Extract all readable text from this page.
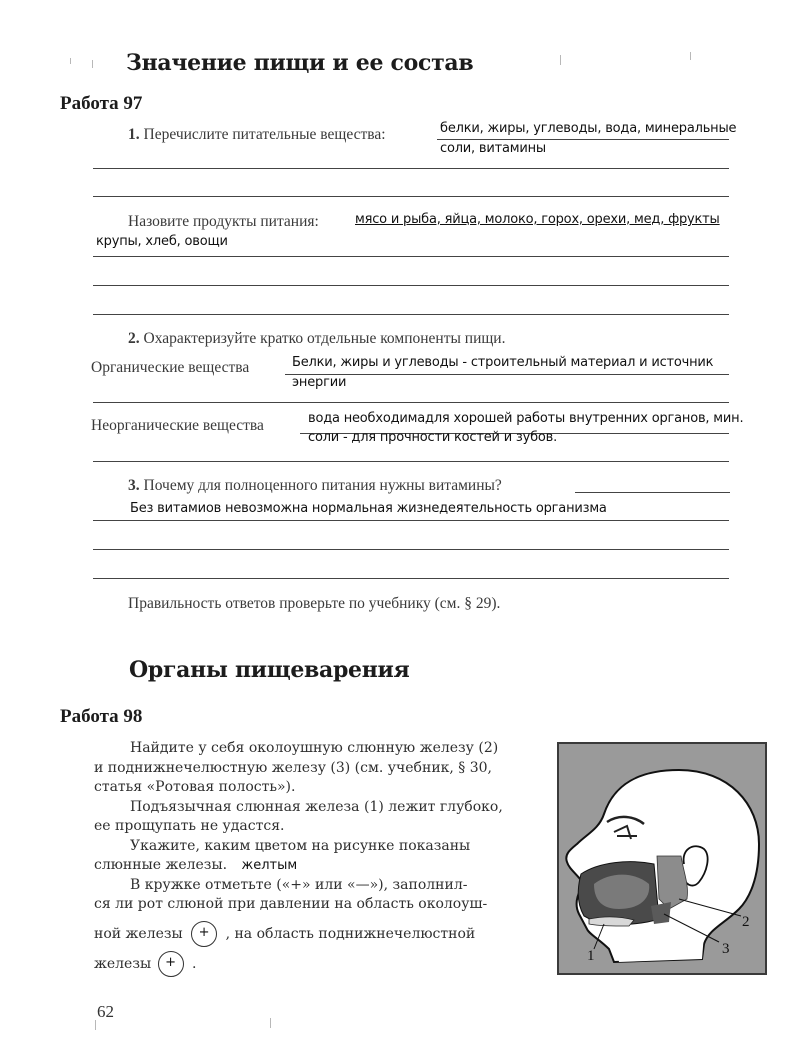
Значение пищи и ее состав
Работа 97
1. Перечислите питательные вещества:	белки, жиры, углеводы, вода, минеральные
соли, витамины
Назовите продукты питания:	мясо и рыба, яйца, молоко, горох, орехи, мед, фрукты
крупы, хлеб, овощи
2. Охарактеризуйте кратко отдельные компоненты пищи.
Органические вещества	Белки, жиры и углеводы - строительный материал и источник
энергии
Неорганические вещества	вода необходимадля хорошей работы внутренних органов, мин.
соли - для прочности костей и зубов.
3. Почему для полноценного питания нужны витамины?
Без витамиов невозможна нормальная жизнедеятельность организма
Правильность ответов проверьте по учебнику (см. § 29).
Органы пищеварения
Работа 98
Найдите у себя околоушную слюнную железу (2)
и поднижнечелюстную железу (3) (см. учебник, § 30,
статья «Ротовая полость»).
Подъязычная слюнная железа (1) лежит глубоко,
ее прощупать не удастся.
Укажите, каким цветом на рисунке показаны
слюнные железы. желтым
В кружке отметьте («+» или «—»), заполнил-
ся ли рот слюной при давлении на область околоуш-
ной железы + , на область поднижнечелюстной
железы + .	1
2
3
62
